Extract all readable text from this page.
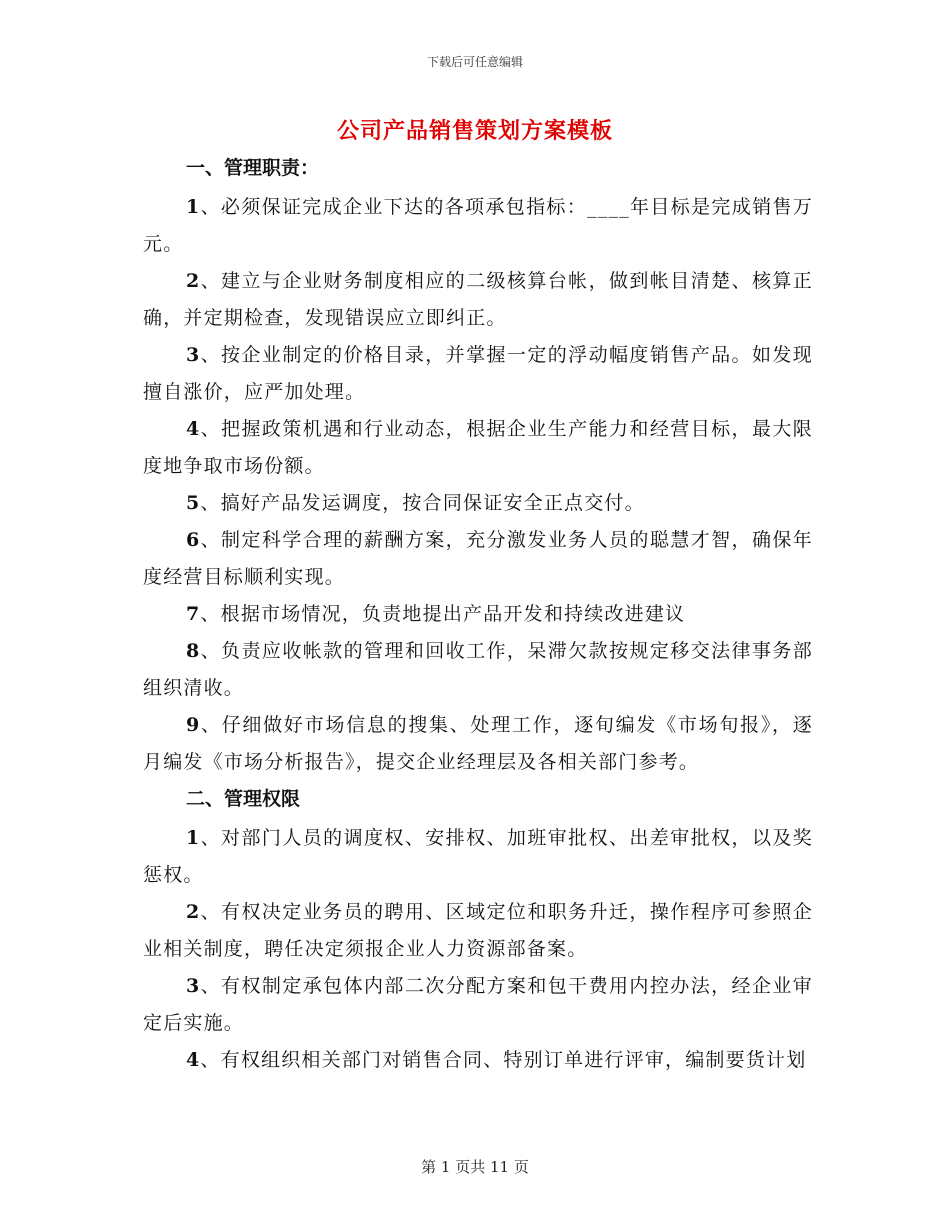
下载后可任意编辑
公司产品销售策划方案模板
一、管理职责：

1、必须保证完成企业下达的各项承包指标：____年目标是完成销售万元。

2、建立与企业财务制度相应的二级核算台帐，做到帐目清楚、核算正确，并定期检查，发现错误应立即纠正。

3、按企业制定的价格目录，并掌握一定的浮动幅度销售产品。如发现擅自涨价，应严加处理。

4、把握政策机遇和行业动态，根据企业生产能力和经营目标，最大限度地争取市场份额。

5、搞好产品发运调度，按合同保证安全正点交付。

6、制定科学合理的薪酬方案，充分激发业务人员的聪慧才智，确保年度经营目标顺利实现。

7、根据市场情况，负责地提出产品开发和持续改进建议

8、负责应收帐款的管理和回收工作，呆滞欠款按规定移交法律事务部组织清收。

9、仔细做好市场信息的搜集、处理工作，逐旬编发《市场旬报》，逐月编发《市场分析报告》，提交企业经理层及各相关部门参考。

二、管理权限

1、对部门人员的调度权、安排权、加班审批权、出差审批权，以及奖惩权。

2、有权决定业务员的聘用、区域定位和职务升迁，操作程序可参照企业相关制度，聘任决定须报企业人力资源部备案。

3、有权制定承包体内部二次分配方案和包干费用内控办法，经企业审定后实施。

4、有权组织相关部门对销售合同、特别订单进行评审，编制要货计划

第 1 页共 11 页
